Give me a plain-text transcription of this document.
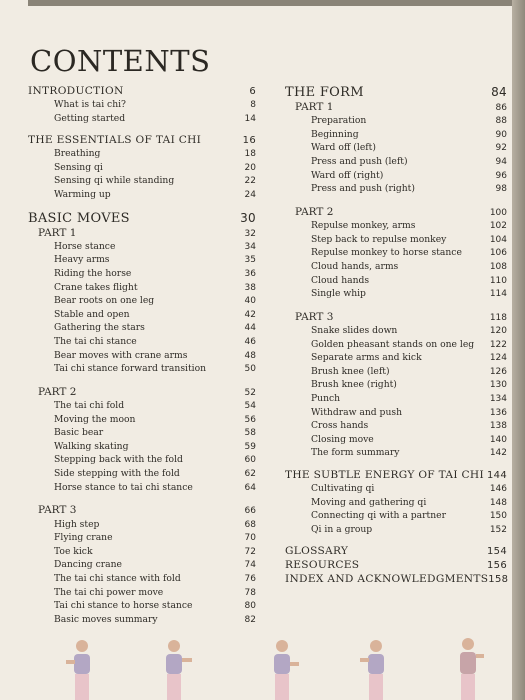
CONTENTS
INTRODUCTION	6
What is tai chi?	8
Getting started	14
THE ESSENTIALS OF TAI CHI	16
Breathing	18
Sensing qi	20
Sensing qi while standing	22
Warming up	24
BASIC MOVES	30
PART 1	32
Horse stance	34
Heavy arms	35
Riding the horse	36
Crane takes flight	38
Bear roots on one leg	40
Stable and open	42
Gathering the stars	44
The tai chi stance	46
Bear moves with crane arms	48
Tai chi stance forward transition	50
PART 2	52
The tai chi fold	54
Moving the moon	56
Basic bear	58
Walking skating	59
Stepping back with the fold	60
Side stepping with the fold	62
Horse stance to tai chi stance	64
PART 3	66
High step	68
Flying crane	70
Toe kick	72
Dancing crane	74
The tai chi stance with fold	76
The tai chi power move	78
Tai chi stance to horse stance	80
Basic moves summary	82
THE FORM	84
PART 1	86
Preparation	88
Beginning	90
Ward off (left)	92
Press and push (left)	94
Ward off (right)	96
Press and push (right)	98
PART 2	100
Repulse monkey, arms	102
Step back to repulse monkey	104
Repulse monkey to horse stance	106
Cloud hands, arms	108
Cloud hands	110
Single whip	114
PART 3	118
Snake slides down	120
Golden pheasant stands on one leg 122
Separate arms and kick	124
Brush knee (left)	126
Brush knee (right)	130
Punch	134
Withdraw and push	136
Cross hands	138
Closing move	140
The form summary	142
THE SUBTLE ENERGY OF TAI CHI 144
Cultivating qi	146
Moving and gathering qi	148
Connecting qi with a partner	150
Qi in a group	152
GLOSSARY	154
RESOURCES	156
INDEX AND ACKNOWLEDGMENTS 158
